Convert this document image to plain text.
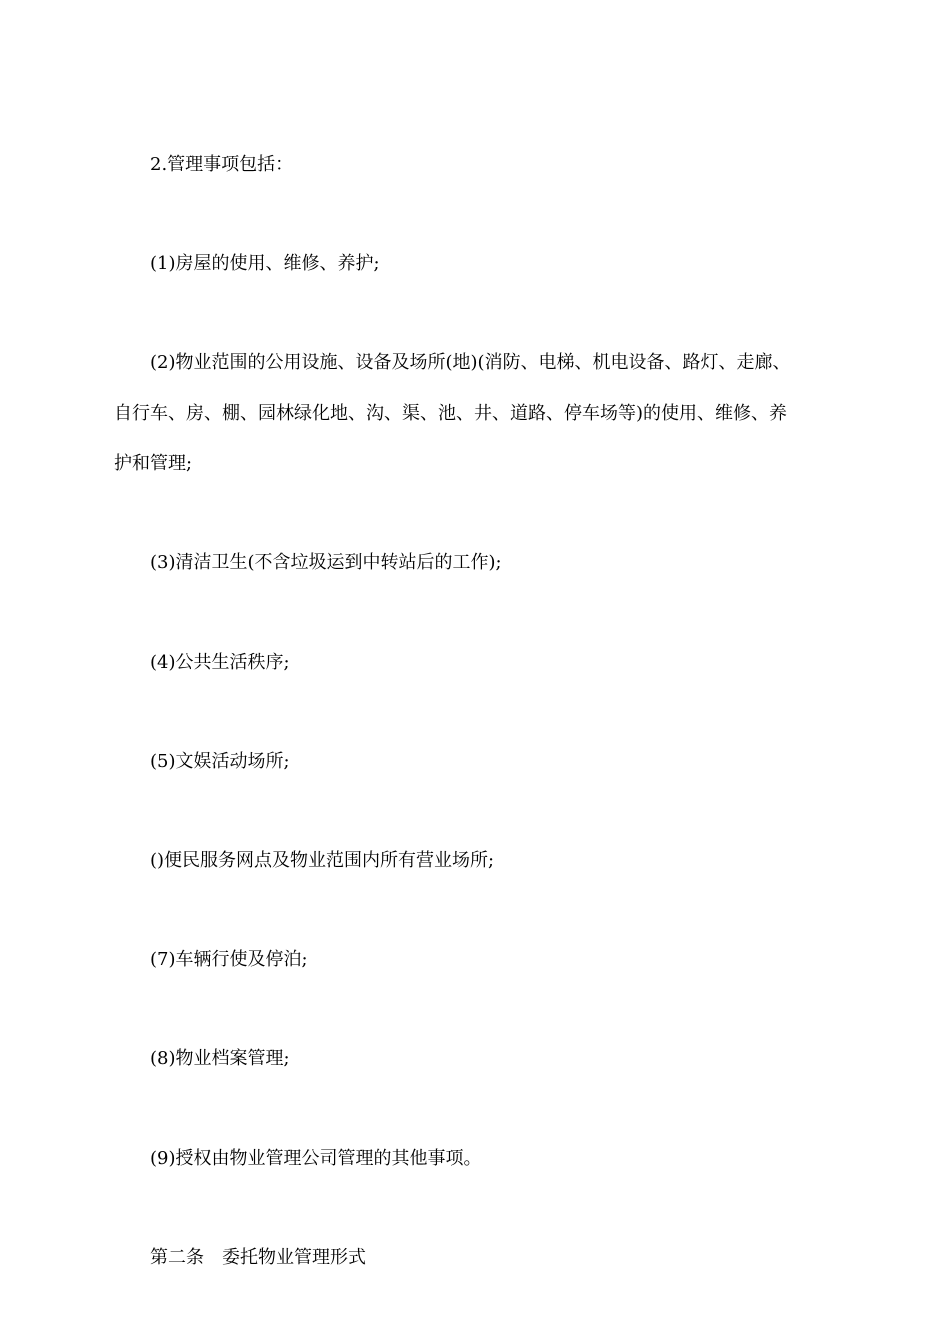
2.管理事项包括：
(1)房屋的使用、维修、养护;
(2)物业范围的公用设施、设备及场所(地)(消防、电梯、机电设备、路灯、走廊、
自行车、房、棚、园林绿化地、沟、渠、池、井、道路、停车场等)的使用、维修、养
护和管理;
(3)清洁卫生(不含垃圾运到中转站后的工作);
(4)公共生活秩序;
(5)文娱活动场所;
()便民服务网点及物业范围内所有营业场所;
(7)车辆行使及停泊;
(8)物业档案管理;
(9)授权由物业管理公司管理的其他事项。
第二条　委托物业管理形式
